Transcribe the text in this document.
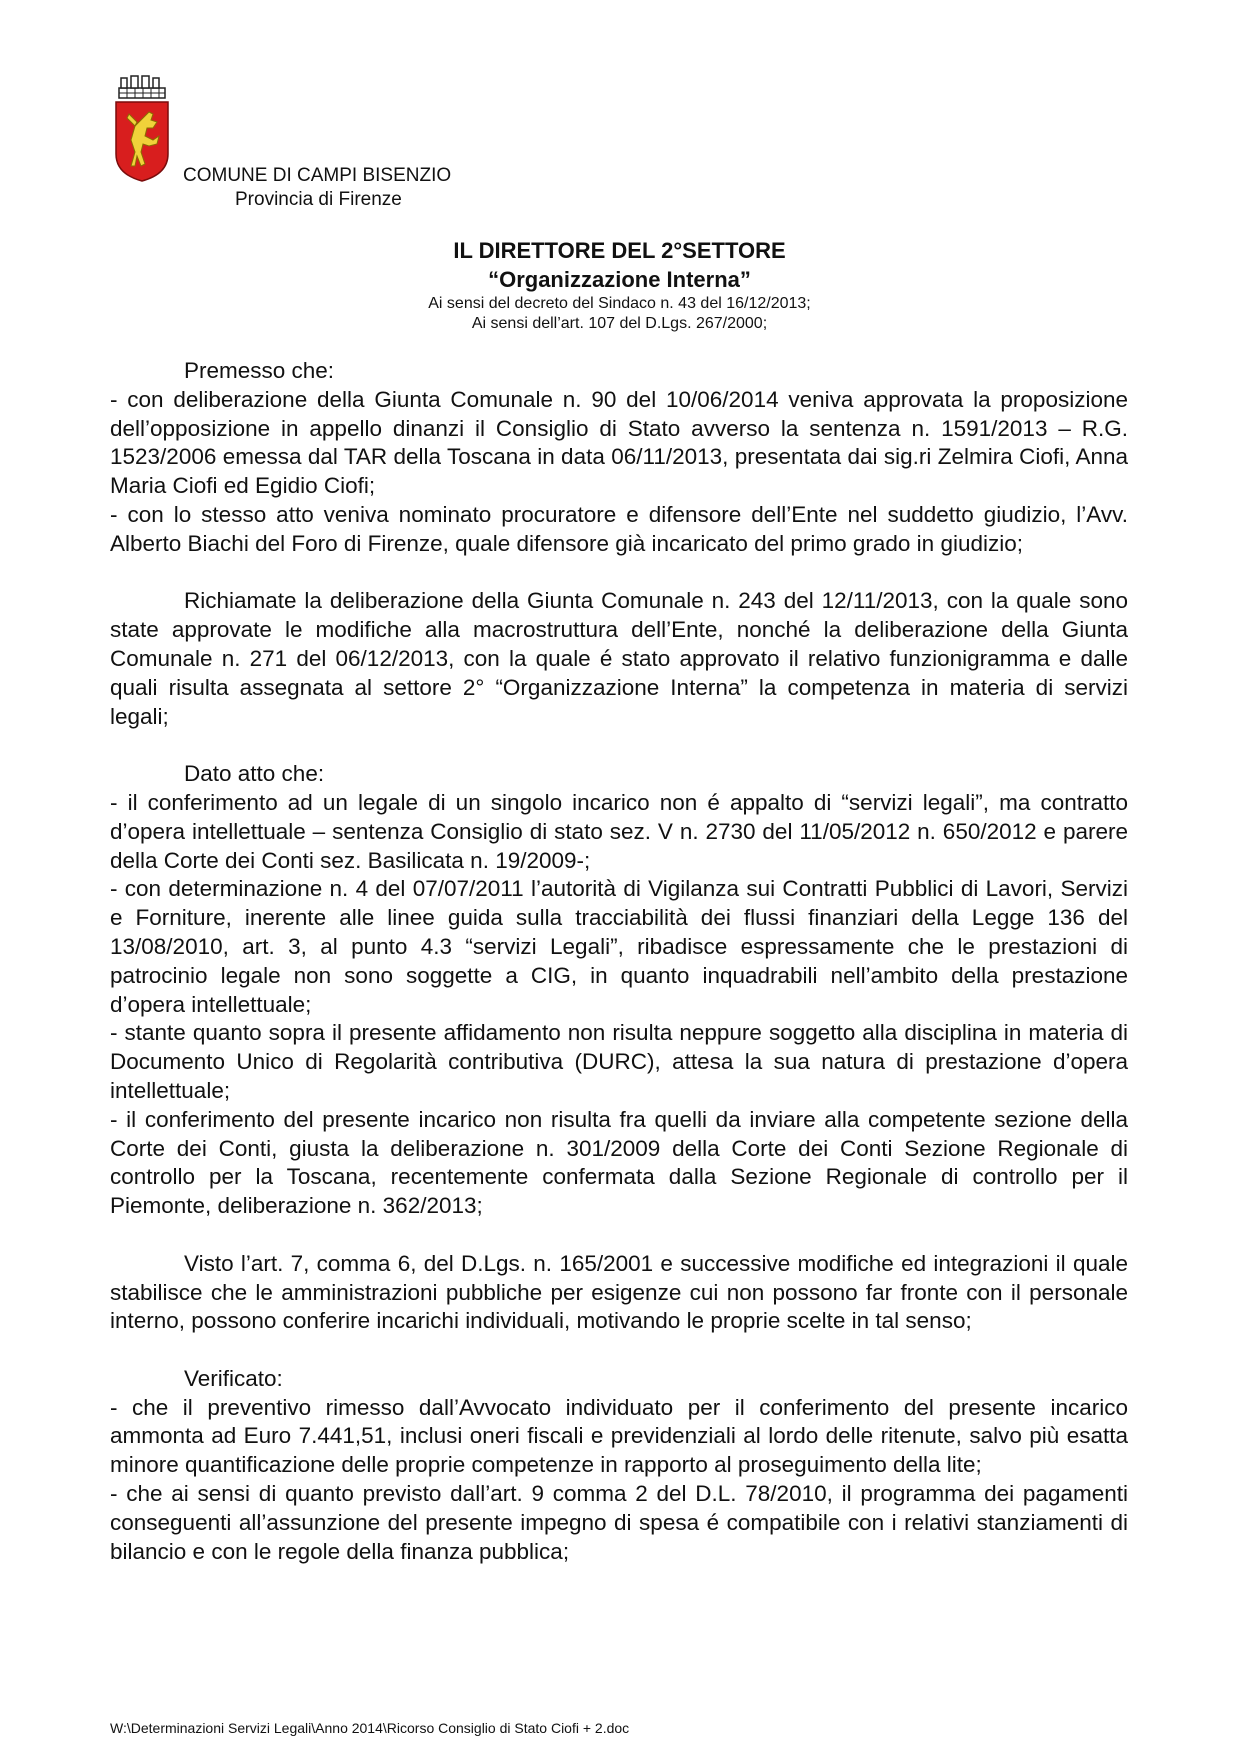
COMUNE DI CAMPI BISENZIO
Provincia di Firenze
IL DIRETTORE DEL 2°SETTORE
“Organizzazione Interna”
Ai sensi del decreto del Sindaco n. 43 del 16/12/2013;
Ai sensi dell’art. 107 del D.Lgs. 267/2000;

Premesso che:

- con deliberazione della Giunta Comunale n. 90 del 10/06/2014 veniva approvata la proposizione dell’opposizione in appello dinanzi il Consiglio di Stato avverso la sentenza n. 1591/2013 – R.G. 1523/2006 emessa dal TAR della Toscana in data 06/11/2013, presentata dai sig.ri Zelmira Ciofi, Anna Maria Ciofi ed Egidio Ciofi;

- con lo stesso atto veniva nominato procuratore e difensore dell’Ente nel suddetto giudizio, l’Avv. Alberto Biachi del Foro di Firenze, quale difensore già incaricato del primo grado in giudizio;

Richiamate la deliberazione della Giunta Comunale n. 243 del 12/11/2013, con la quale sono state approvate le modifiche alla macrostruttura dell’Ente, nonché la deliberazione della Giunta Comunale n. 271 del 06/12/2013, con la quale é stato approvato il relativo funzionigramma e dalle quali risulta assegnata al settore 2° “Organizzazione Interna” la competenza in materia di servizi legali;

Dato atto che:

- il conferimento ad un legale di un singolo incarico non é appalto di “servizi legali”, ma contratto d’opera intellettuale – sentenza Consiglio di stato sez. V n. 2730 del 11/05/2012 n. 650/2012 e parere della Corte dei Conti sez. Basilicata n. 19/2009-;

- con determinazione n. 4 del 07/07/2011 l’autorità di Vigilanza sui Contratti Pubblici di Lavori, Servizi e Forniture, inerente alle linee guida sulla tracciabilità dei flussi finanziari della Legge 136 del 13/08/2010, art. 3, al punto 4.3 “servizi Legali”, ribadisce espressamente che le prestazioni di patrocinio legale non sono soggette a CIG, in quanto inquadrabili nell’ambito della prestazione d’opera intellettuale;

- stante quanto sopra il presente affidamento non risulta neppure soggetto alla disciplina in materia di Documento Unico di Regolarità contributiva (DURC), attesa la sua natura di prestazione d’opera intellettuale;

- il conferimento del presente incarico non risulta fra quelli da inviare alla competente sezione della Corte dei Conti, giusta la deliberazione n. 301/2009 della Corte dei Conti Sezione Regionale di controllo per la Toscana, recentemente confermata dalla Sezione Regionale di controllo per il Piemonte, deliberazione n. 362/2013;

Visto l’art. 7, comma 6, del D.Lgs. n. 165/2001 e successive modifiche ed integrazioni il quale stabilisce che le amministrazioni pubbliche per esigenze cui non possono far fronte con il personale interno, possono conferire incarichi individuali, motivando le proprie scelte in tal senso;

Verificato:

- che il preventivo rimesso dall’Avvocato individuato per il conferimento del presente incarico ammonta ad Euro 7.441,51, inclusi oneri fiscali e previdenziali al lordo delle ritenute, salvo più esatta minore quantificazione delle proprie competenze in rapporto al proseguimento della lite;

- che ai sensi di quanto previsto dall’art. 9 comma 2 del D.L. 78/2010, il programma dei pagamenti conseguenti all’assunzione del presente impegno di spesa é compatibile con i relativi stanziamenti di bilancio e con le regole della finanza pubblica;

W:\Determinazioni Servizi Legali\Anno 2014\Ricorso Consiglio di Stato Ciofi + 2.doc
